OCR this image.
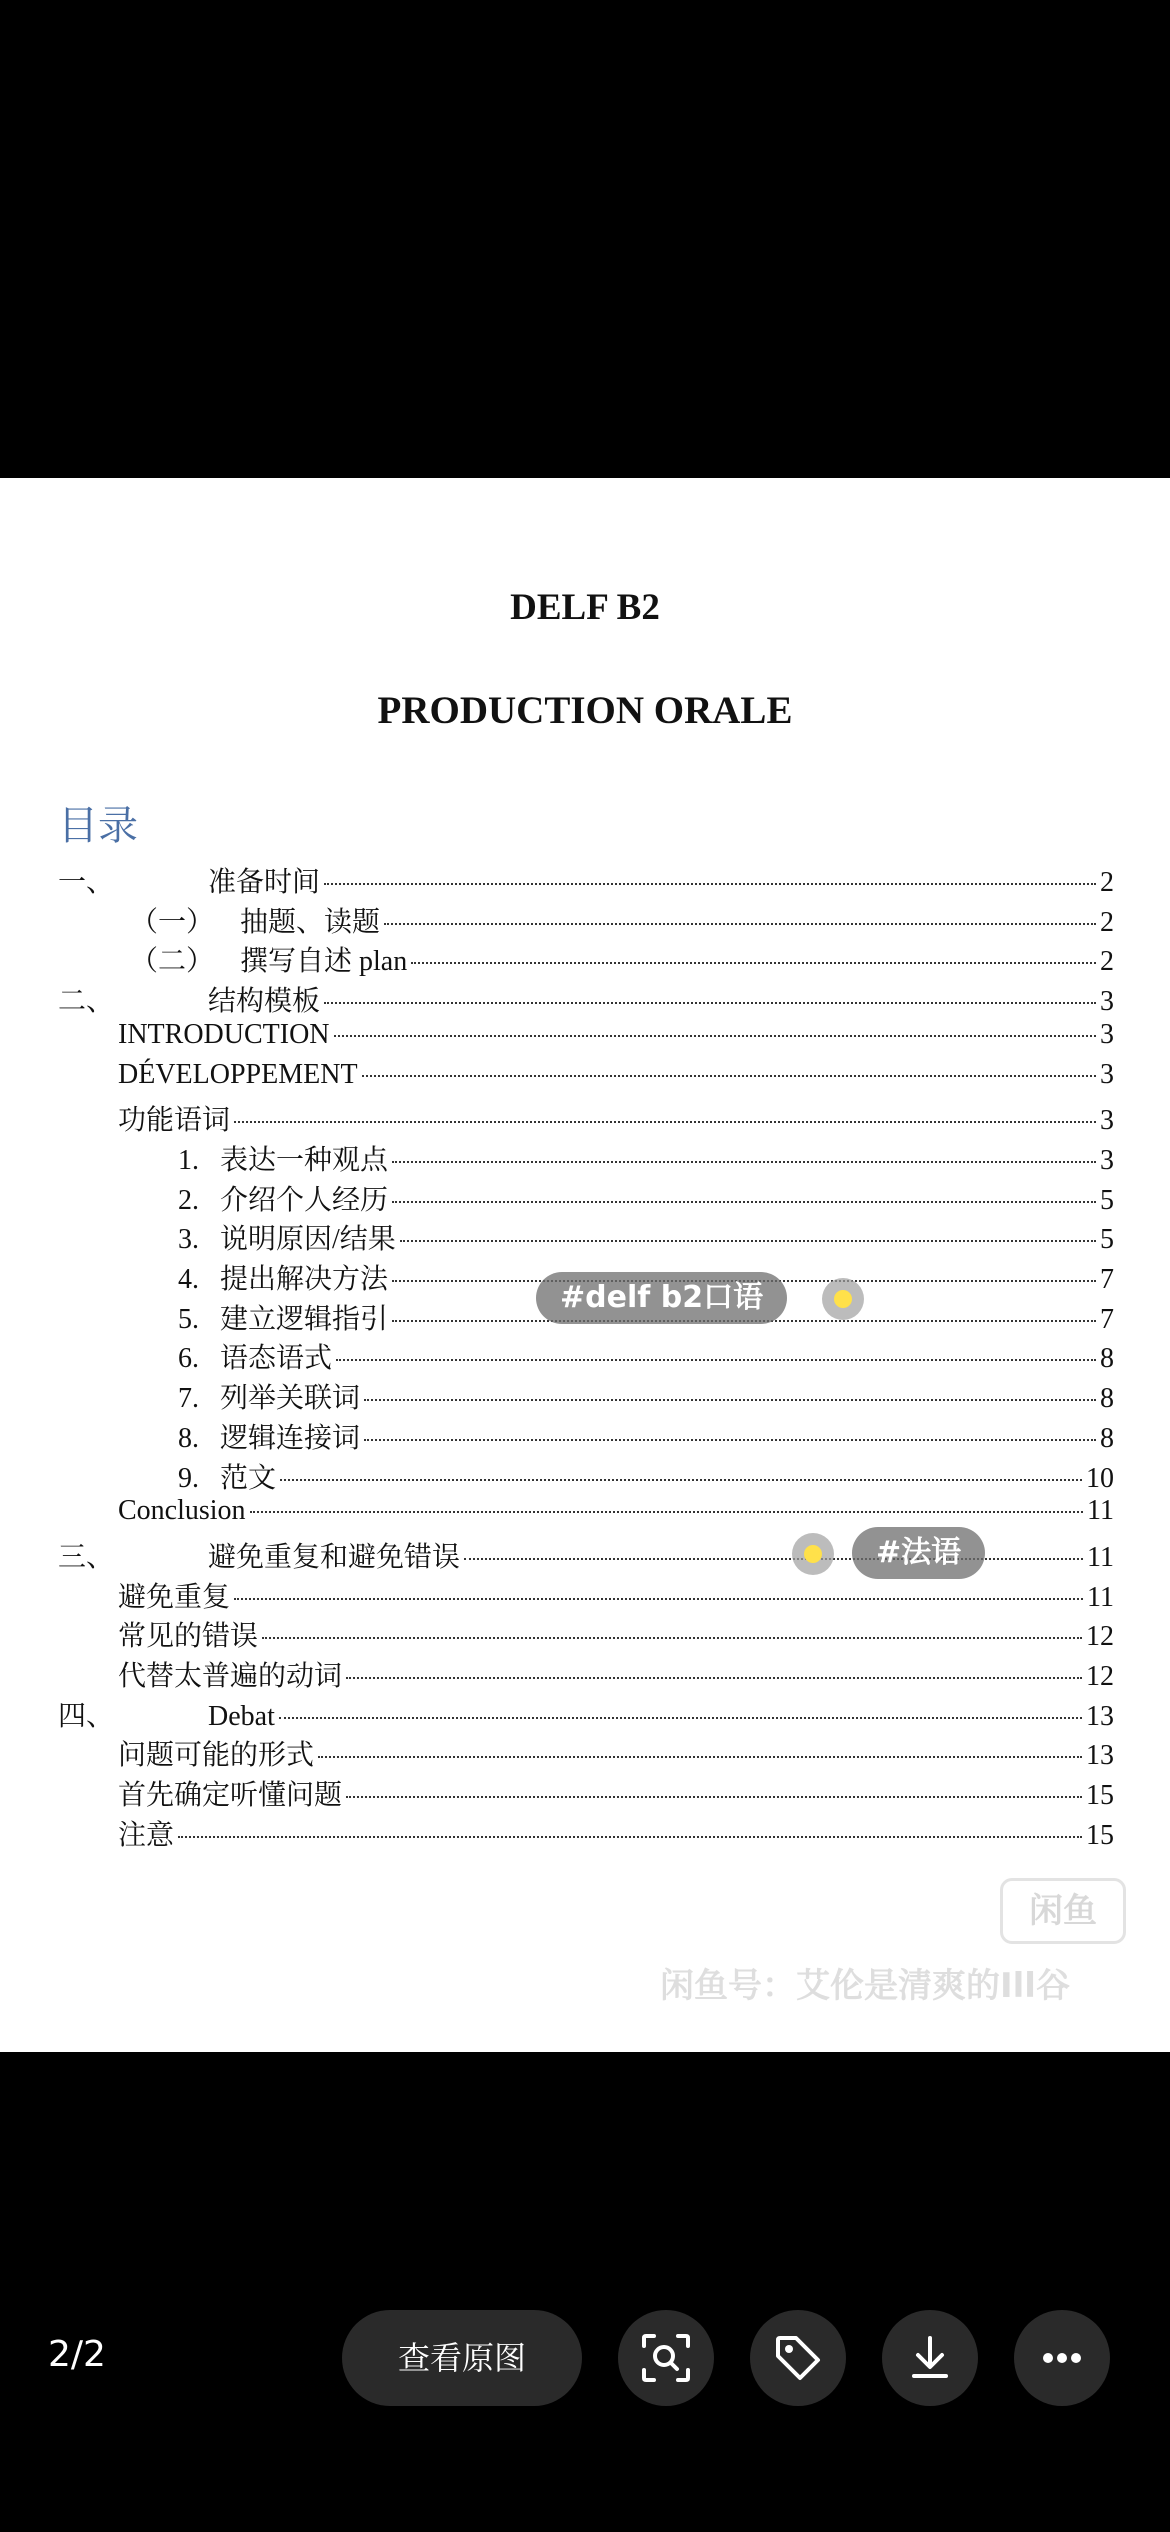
DELF B2
PRODUCTION ORALE
目录
一、	准备时间	2
（一） 抽题、读题	2
（二） 撰写自述 plan	2
二、	结构模板	3
INTRODUCTION	3
DÉVELOPPEMENT	3
功能语词	3
1. 表达一种观点	3
2. 介绍个人经历	5
3. 说明原因/结果	5
4. 提出解决方法	7
5. 建立逻辑指引	7
6. 语态语式	8
7. 列举关联词	8
8. 逻辑连接词	8
9. 范文	10
Conclusion	11
三、	避免重复和避免错误	11
避免重复	11
常见的错误	12
代替太普遍的动词	12
四、	Debat	13
问题可能的形式	13
首先确定听懂问题	15
注意	15
#delf b2口语
#法语
闲鱼
闲鱼号：艾伦是清爽的Ill谷
2/2	查看原图
